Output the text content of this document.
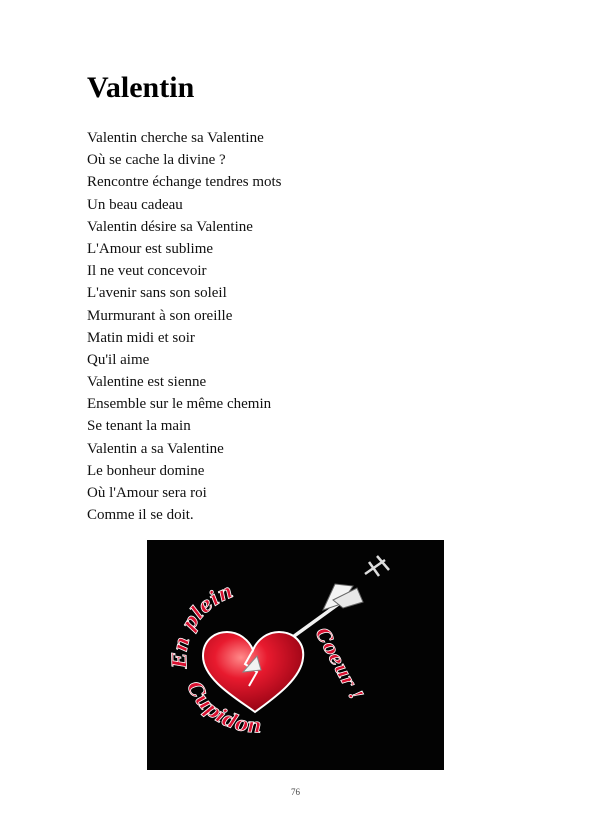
Valentin
Valentin cherche sa Valentine
Où se cache la divine ?
Rencontre échange tendres mots
Un beau cadeau
Valentin désire sa Valentine
L'Amour est sublime
Il ne veut concevoir
L'avenir sans son soleil
Murmurant à son oreille
Matin midi et soir
Qu'il aime
Valentine est sienne
Ensemble sur le même chemin
Se tenant la main
Valentin a sa Valentine
Le bonheur domine
Où l'Amour sera roi
Comme il se doit.
En plein
Cupidon
Coeur !
76
